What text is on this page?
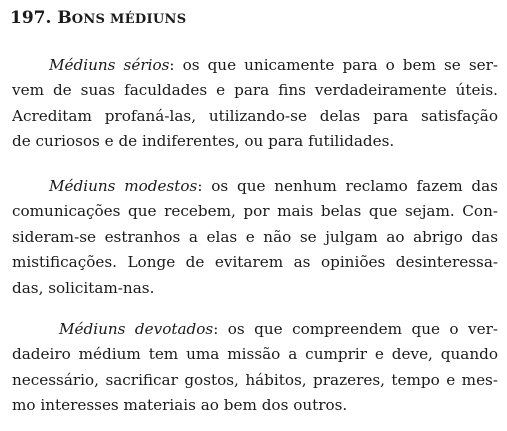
197. BONS MÉDIUNS

Médiuns sérios: os que unicamente para o bem se ser-
vem de suas faculdades e para fins verdadeiramente úteis.
Acreditam profaná-las, utilizando-se delas para satisfação
de curiosos e de indiferentes, ou para futilidades.

Médiuns modestos: os que nenhum reclamo fazem das
comunicações que recebem, por mais belas que sejam. Con-
sideram-se estranhos a elas e não se julgam ao abrigo das
mistificações. Longe de evitarem as opiniões desinteressa-
das, solicitam-nas.

Médiuns devotados: os que compreendem que o ver-
dadeiro médium tem uma missão a cumprir e deve, quando
necessário, sacrificar gostos, hábitos, prazeres, tempo e mes-
mo interesses materiais ao bem dos outros.
